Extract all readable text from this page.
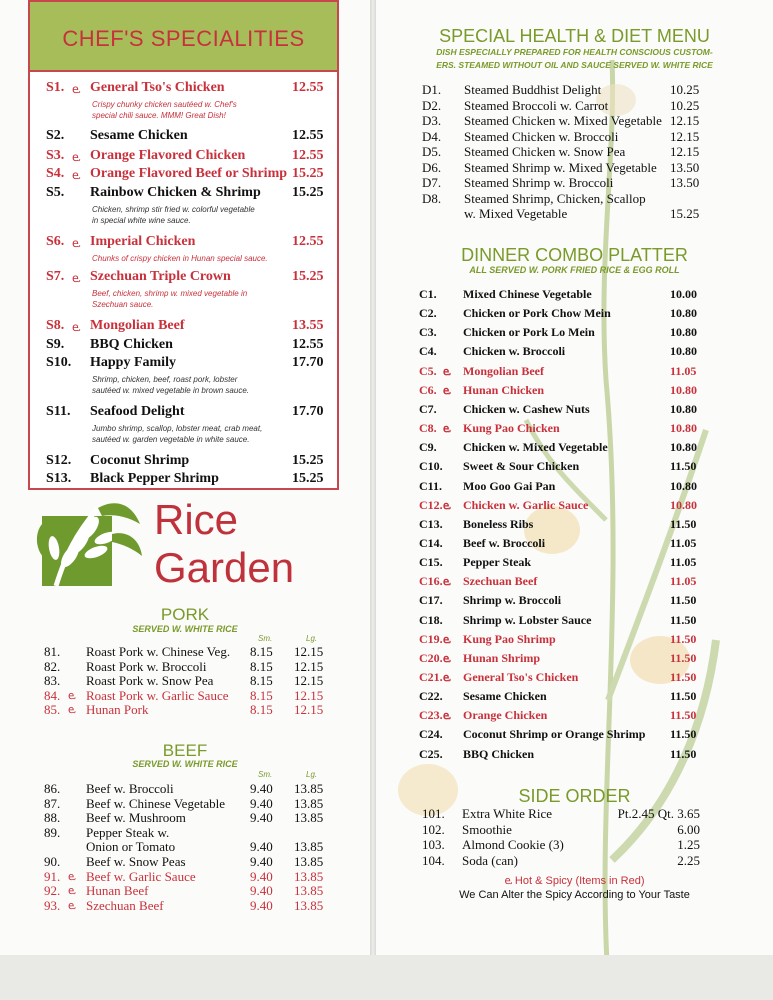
CHEF'S SPECIALITIES
S1. ⱸ General Tso's Chicken	12.55
Crispy chunky chicken sautéed w. Chef's
special chili sauce. MMM! Great Dish!
S2. Sesame Chicken	12.55
S3. ⱸ Orange Flavored Chicken	12.55
S4. ⱸ Orange Flavored Beef or Shrimp 15.25
S5. Rainbow Chicken & Shrimp 15.25
Chicken, shrimp stir fried w. colorful vegetable
in special white wine sauce.
S6. ⱸ Imperial Chicken	12.55
Chunks of crispy chicken in Hunan special sauce.
S7. ⱸ Szechuan Triple Crown	15.25
Beef, chicken, shrimp w. mixed vegetable in
Szechuan sauce.
S8. ⱸ Mongolian Beef	13.55
S9. BBQ Chicken	12.55
S10. Happy Family	17.70
Shrimp, chicken, beef, roast pork, lobster
sautéed w. mixed vegetable in brown sauce.
S11. Seafood Delight	17.70
Jumbo shrimp, scallop, lobster meat, crab meat,
sautéed w. garden vegetable in white sauce.
S12. Coconut Shrimp	15.25
S13. Black Pepper Shrimp	15.25
Rice
Garden
PORK
SERVED W. WHITE RICE
Sm.	Lg.
81. Roast Pork w. Chinese Veg. 8.15 12.15
82. Roast Pork w. Broccoli	8.15 12.15
83. Roast Pork w. Snow Pea	8.15 12.15
84. ⱸ Roast Pork w. Garlic Sauce 8.15 12.15
85. ⱸ Hunan Pork	8.15 12.15
BEEF
SERVED W. WHITE RICE
Sm.	Lg.
86. Beef w. Broccoli	9.40 13.85
87. Beef w. Chinese Vegetable 9.40 13.85
88. Beef w. Mushroom	9.40 13.85
89. Pepper Steak w.
Onion or Tomato	9.40 13.85
90. Beef w. Snow Peas	9.40 13.85
91. ⱸ Beef w. Garlic Sauce	9.40 13.85
92. ⱸ Hunan Beef	9.40 13.85
93. ⱸ Szechuan Beef	9.40 13.85
SPECIAL HEALTH & DIET MENU
DISH ESPECIALLY PREPARED FOR HEALTH CONSCIOUS CUSTOM-
ERS. STEAMED WITHOUT OIL AND SAUCE SERVED W. WHITE RICE
D1. Steamed Buddhist Delight	10.25
D2. Steamed Broccoli w. Carrot	10.25
D3. Steamed Chicken w. Mixed Vegetable 12.15
D4. Steamed Chicken w. Broccoli	12.15
D5. Steamed Chicken w. Snow Pea	12.15
D6. Steamed Shrimp w. Mixed Vegetable 13.50
D7. Steamed Shrimp w. Broccoli	13.50
D8. Steamed Shrimp, Chicken, Scallop
w. Mixed Vegetable	15.25
DINNER COMBO PLATTER
ALL SERVED W. PORK FRIED RICE & EGG ROLL
C1. Mixed Chinese Vegetable	10.00
C2. Chicken or Pork Chow Mein	10.80
C3. Chicken or Pork Lo Mein	10.80
C4. Chicken w. Broccoli	10.80
C5. ⱸ Mongolian Beef	11.05
C6. ⱸ Hunan Chicken	10.80
C7. Chicken w. Cashew Nuts	10.80
C8. ⱸ Kung Pao Chicken	10.80
C9. Chicken w. Mixed Vegetable	10.80
C10. Sweet & Sour Chicken	11.50
C11. Moo Goo Gai Pan	10.80
C12. ⱸ Chicken w. Garlic Sauce	10.80
C13. Boneless Ribs	11.50
C14. Beef w. Broccoli	11.05
C15. Pepper Steak	11.05
C16. ⱸ Szechuan Beef	11.05
C17. Shrimp w. Broccoli	11.50
C18. Shrimp w. Lobster Sauce	11.50
C19. ⱸ Kung Pao Shrimp	11.50
C20. ⱸ Hunan Shrimp	11.50
C21. ⱸ General Tso's Chicken	11.50
C22. Sesame Chicken	11.50
C23. ⱸ Orange Chicken	11.50
C24. Coconut Shrimp or Orange Shrimp 11.50
C25. BBQ Chicken	11.50
SIDE ORDER
101. Extra White Rice	Pt.2.45 Qt. 3.65
102. Smoothie	6.00
103. Almond Cookie (3)	1.25
104. Soda (can)	2.25
ⱸ Hot & Spicy (Items in Red)
We Can Alter the Spicy According to Your Taste
